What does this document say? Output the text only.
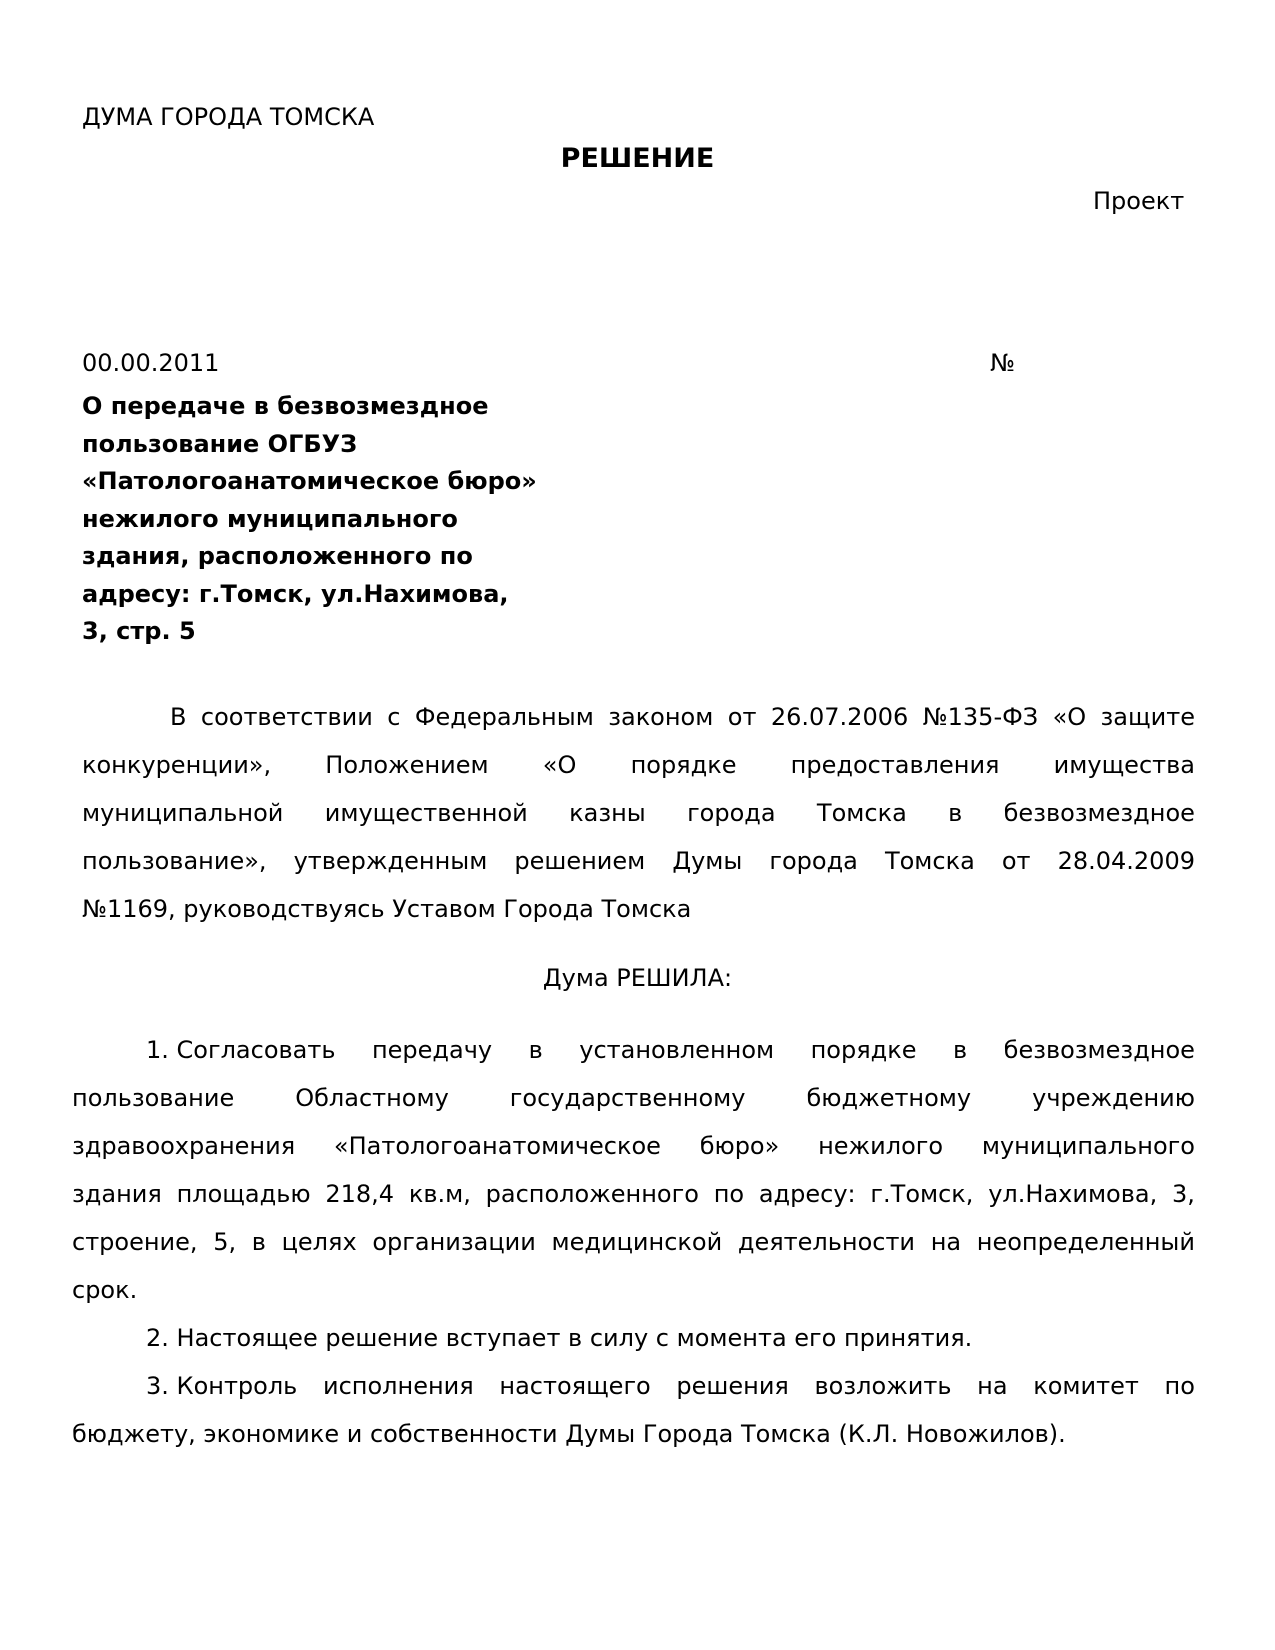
ДУМА ГОРОДА ТОМСКА
РЕШЕНИЕ
Проект
00.00.2011	№
О передаче в безвозмездное
пользование ОГБУЗ
«Патологоанатомическое бюро»
нежилого муниципального
здания, расположенного по
адресу: г.Томск, ул.Нахимова,
3, стр. 5
В соответствии с Федеральным законом от 26.07.2006 №135-ФЗ «О защите
конкуренции», Положением «О порядке предоставления имущества
муниципальной имущественной казны города Томска в безвозмездное
пользование», утвержденным решением Думы города Томска от 28.04.2009
№1169, руководствуясь Уставом Города Томска
Дума РЕШИЛА:
1. Согласовать передачу в установленном порядке в безвозмездное
пользование	Областному	государственному	бюджетному	учреждению
здравоохранения «Патологоанатомическое бюро» нежилого муниципального
здания площадью 218,4 кв.м, расположенного по адресу: г.Томск, ул.Нахимова, 3,
строение, 5, в целях организации медицинской деятельности на неопределенный
срок.
2. Настоящее решение вступает в силу с момента его принятия.
3. Контроль исполнения настоящего решения возложить на комитет по
бюджету, экономике и собственности Думы Города Томска (К.Л. Новожилов).
